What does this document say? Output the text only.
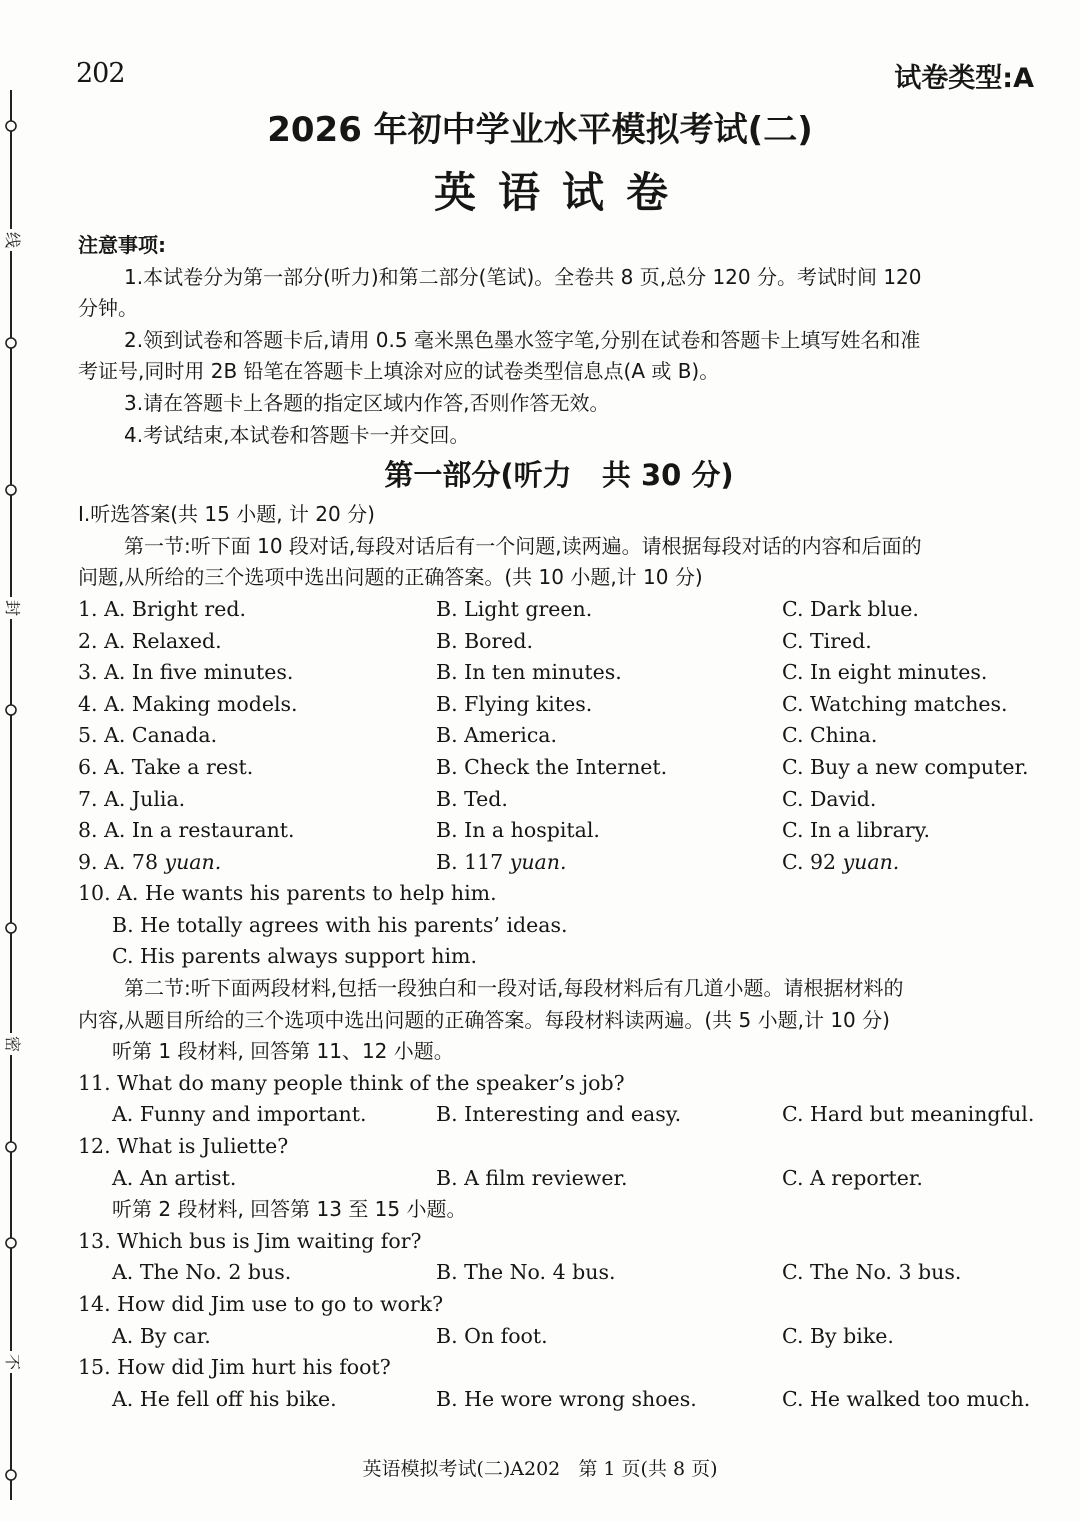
线
封
密
不
202	试卷类型:A
2026 年初中学业水平模拟考试(二)
英语试卷
注意事项:
1.本试卷分为第一部分(听力)和第二部分(笔试)。全卷共 8 页,总分 120 分。考试时间 120
分钟。
2.领到试卷和答题卡后,请用 0.5 毫米黑色墨水签字笔,分别在试卷和答题卡上填写姓名和准
考证号,同时用 2B 铅笔在答题卡上填涂对应的试卷类型信息点(A 或 B)。
3.请在答题卡上各题的指定区域内作答,否则作答无效。
4.考试结束,本试卷和答题卡一并交回。
第一部分(听力   共 30 分)
Ⅰ.听选答案(共 15 小题, 计 20 分)
第一节:听下面 10 段对话,每段对话后有一个问题,读两遍。请根据每段对话的内容和后面的
问题,从所给的三个选项中选出问题的正确答案。(共 10 小题,计 10 分)
1. A. Bright red.	B. Light green.	C. Dark blue.
2. A. Relaxed.	B. Bored.	C. Tired.
3. A. In five minutes.	B. In ten minutes.	C. In eight minutes.
4. A. Making models.	B. Flying kites.	C. Watching matches.
5. A. Canada.	B. America.	C. China.
6. A. Take a rest.	B. Check the Internet.	C. Buy a new computer.
7. A. Julia.	B. Ted.	C. David.
8. A. In a restaurant.	B. In a hospital.	C. In a library.
9. A. 78 yuan.	B. 117 yuan.	C. 92 yuan.
10. A. He wants his parents to help him.
B. He totally agrees with his parents’ ideas.
C. His parents always support him.
第二节:听下面两段材料,包括一段独白和一段对话,每段材料后有几道小题。请根据材料的
内容,从题目所给的三个选项中选出问题的正确答案。每段材料读两遍。(共 5 小题,计 10 分)
听第 1 段材料, 回答第 11、12 小题。
11. What do many people think of the speaker’s job?
A. Funny and important.	B. Interesting and easy.	C. Hard but meaningful.
12. What is Juliette?
A. An artist.	B. A film reviewer.	C. A reporter.
听第 2 段材料, 回答第 13 至 15 小题。
13. Which bus is Jim waiting for?
A. The No. 2 bus.	B. The No. 4 bus.	C. The No. 3 bus.
14. How did Jim use to go to work?
A. By car.	B. On foot.	C. By bike.
15. How did Jim hurt his foot?
A. He fell off his bike.	B. He wore wrong shoes.	C. He walked too much.
英语模拟考试(二)A202   第 1 页(共 8 页)
